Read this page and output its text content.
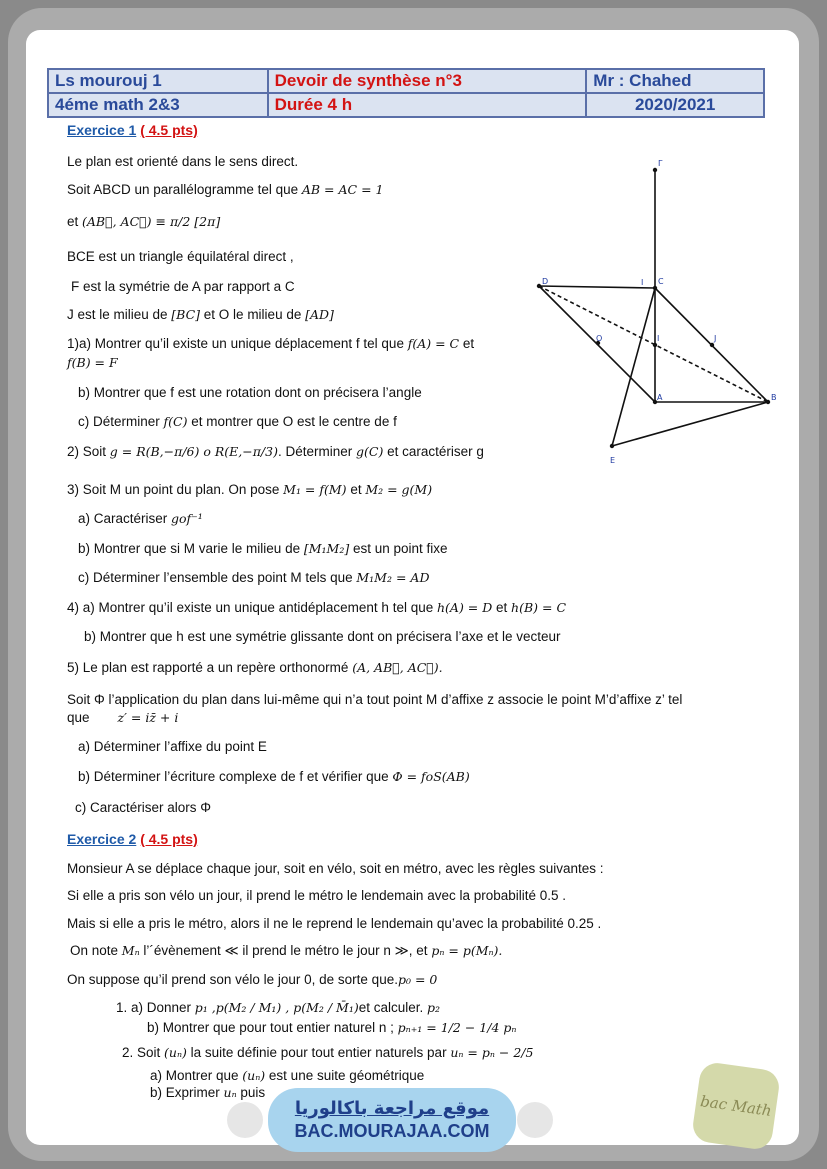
Ls mourouj 1	Devoir de synthèse n°3	Mr : Chahed
4éme math 2&3	Durée 4 h	2020/2021
Exercice 1 ( 4.5 pts)
Le plan est orienté dans le sens direct.
Soit ABCD un parallélogramme tel que AB = AC = 1
et (AB⃗, AC⃗) ≡ π/2 [2π]
BCE est un triangle équilatéral direct ,
F est la symétrie de A par rapport a C
J est le milieu de [BC] et O le milieu de [AD]
1)a) Montrer qu’il existe un unique déplacement f tel que f(A) = C et
f(B) = F
b) Montrer que f est une rotation dont on précisera l’angle
c) Déterminer f(C) et montrer que O est le centre de f
2) Soit g = R(B,−π/6) o R(E,−π/3). Déterminer g(C) et caractériser g
3) Soit M un point du plan. On pose M₁ = f(M) et M₂ = g(M)
a) Caractériser gof⁻¹
b) Montrer que si M varie le milieu de [M₁M₂] est un point fixe
c) Déterminer l’ensemble des point M tels que M₁M₂ = AD
4) a) Montrer qu’il existe un unique antidéplacement h tel que h(A) = D et h(B) = C
b) Montrer que h est une symétrie glissante dont on précisera l’axe et le vecteur
5) Le plan est rapporté a un repère orthonormé (A, AB⃗, AC⃗).
Soit Φ l’application du plan dans lui-même qui n’a tout point M d’affixe z associe le point M’d’affixe z’ tel
que z′ = iz̄ + i
a) Déterminer l’affixe du point E
b) Déterminer l’écriture complexe de f et vérifier que Φ = foS(AB)
c) Caractériser alors Φ
Exercice 2 ( 4.5 pts)
Monsieur A se déplace chaque jour, soit en vélo, soit en métro, avec les règles suivantes :
Si elle a pris son vélo un jour, il prend le métro le lendemain avec la probabilité 0.5 .
Mais si elle a pris le métro, alors il ne le reprend le lendemain qu’avec la probabilité 0.25 .
On note Mₙ l’´évènement ≪ il prend le métro le jour n ≫, et pₙ = p(Mₙ).
On suppose qu’il prend son vélo le jour 0, de sorte que.p₀ = 0
1. a) Donner p₁ ,p(M₂ / M₁) , p(M₂ / M̄₁)et calculer. p₂
b) Montrer que pour tout entier naturel n ; pₙ₊₁ = 1/2 − 1/4 pₙ
2. Soit (uₙ) la suite définie pour tout entier naturels par uₙ = pₙ − 2/5
a) Montrer que (uₙ) est une suite géométrique
b) Exprimer uₙ puis
Γ
D	I C
O	I	J
A	B
E
موقع مراجعة باكالوريا
BAC.MOURAJAA.COM
bac Math
